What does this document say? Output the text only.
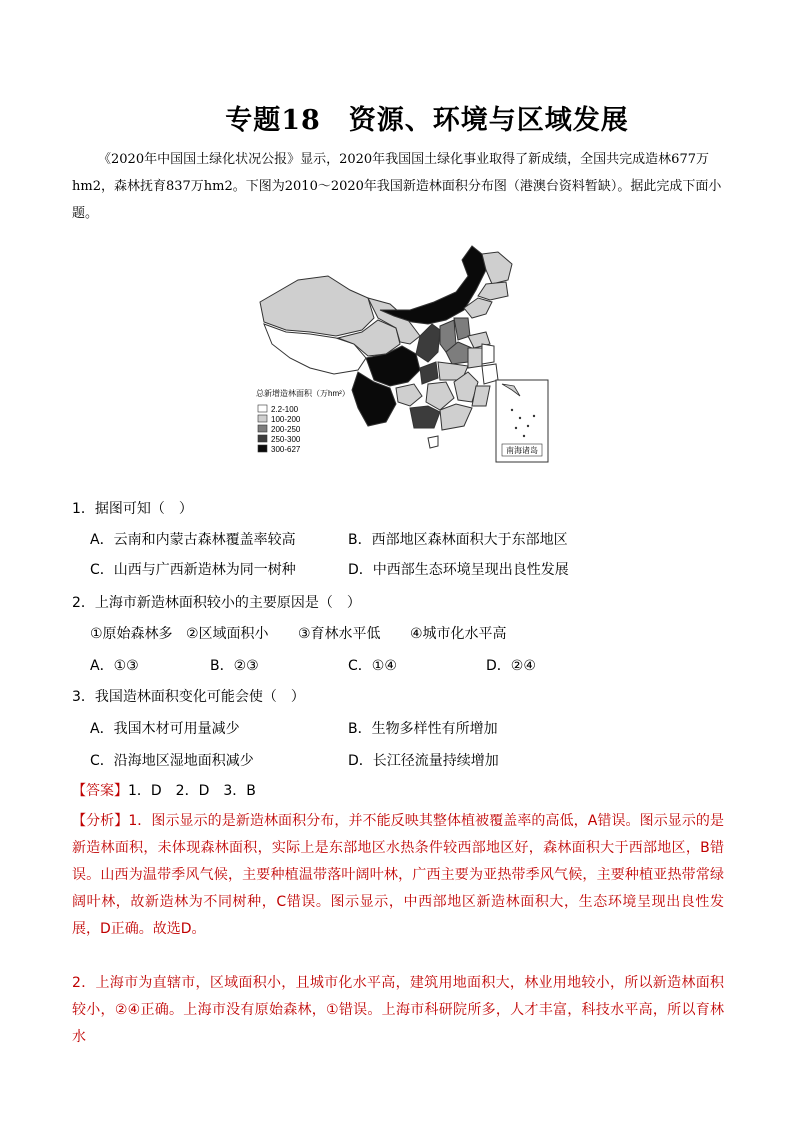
专题18　资源、环境与区域发展
《2020年中国国土绿化状况公报》显示，2020年我国国土绿化事业取得了新成绩，全国共完成造林677万hm2，森林抚育837万hm2。下图为2010～2020年我国新造林面积分布图（港澳台资料暂缺）。据此完成下面小题。
总新增造林面积（万hm²）
2.2-100
100-200
200-250
250-300
300-627	南海诸岛
1．据图可知（　）
A．云南和内蒙古森林覆盖率较高	B．西部地区森林面积大于东部地区
C．山西与广西新造林为同一树种	D．中西部生态环境呈现出良性发展
2．上海市新造林面积较小的主要原因是（　）
①原始森林多 ②区域面积小 ③育林水平低 ④城市化水平高
A．①③	B．②③	C．①④	D．②④
3．我国造林面积变化可能会使（　）
A．我国木材可用量减少	B．生物多样性有所增加
C．沿海地区湿地面积减少	D．长江径流量持续增加
【答案】1．D　2．D　3．B
【分析】1．图示显示的是新造林面积分布，并不能反映其整体植被覆盖率的高低，A错误。图示显示的是新造林面积，未体现森林面积，实际上是东部地区水热条件较西部地区好，森林面积大于西部地区，B错误。山西为温带季风气候，主要种植温带落叶阔叶林，广西主要为亚热带季风气候，主要种植亚热带常绿阔叶林，故新造林为不同树种，C错误。图示显示，中西部地区新造林面积大，生态环境呈现出良性发展，D正确。故选D。
2．上海市为直辖市，区域面积小，且城市化水平高，建筑用地面积大，林业用地较小，所以新造林面积较小，②④正确。上海市没有原始森林，①错误。上海市科研院所多，人才丰富，科技水平高，所以育林水
